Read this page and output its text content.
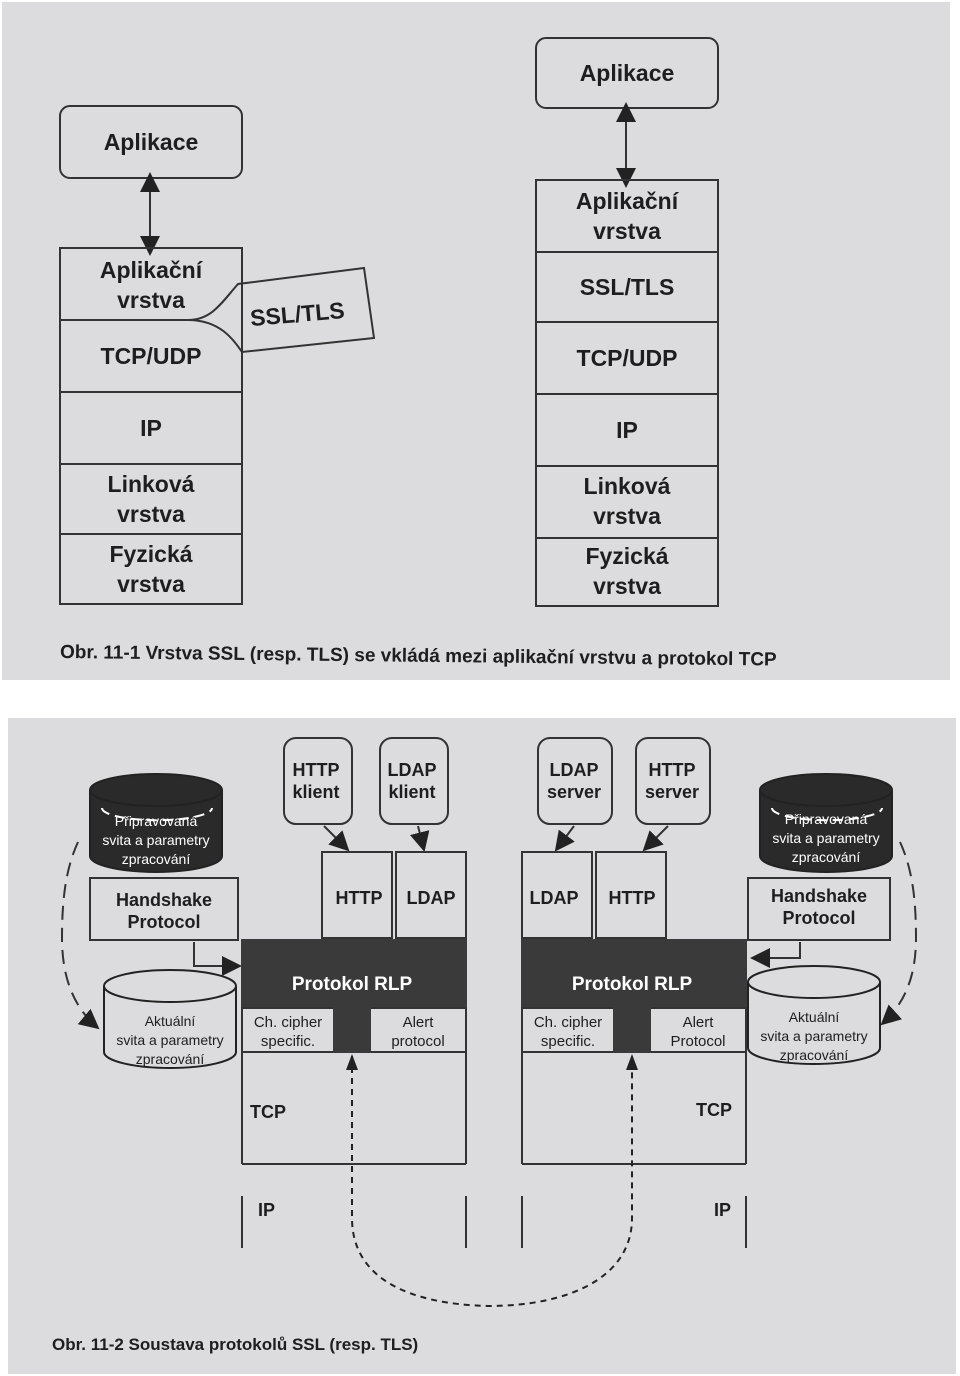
Aplikace
Aplikační
vrstva
TCP/UDP
IP
Linková
vrstva
Fyzická
vrstva
SSL/TLS
Aplikace
Aplikační
vrstva
SSL/TLS
TCP/UDP
IP
Linková
vrstva
Fyzická
vrstva
Obr. 11-1 Vrstva SSL (resp. TLS) se vkládá mezi aplikační vrstvu a protokol TCP
HTTP
klient
LDAP
klient
LDAP
server
HTTP
server
HTTP LDAP	LDAP HTTP
Handshake
Protocol
Handshake
Protocol
Protokol RLP	Protokol RLP
Připravovaná
svita a parametry
zpracování
Připravovaná
svita a parametry
zpracování
Aktuální
svita a parametry
zpracování
Aktuální
svita a parametry
zpracování
Ch. cipher
specific.
Alert
protocol
Ch. cipher
specific.
Alert
Protocol
TCP
IP
TCP
IP
Obr. 11-2 Soustava protokolů SSL (resp. TLS)
